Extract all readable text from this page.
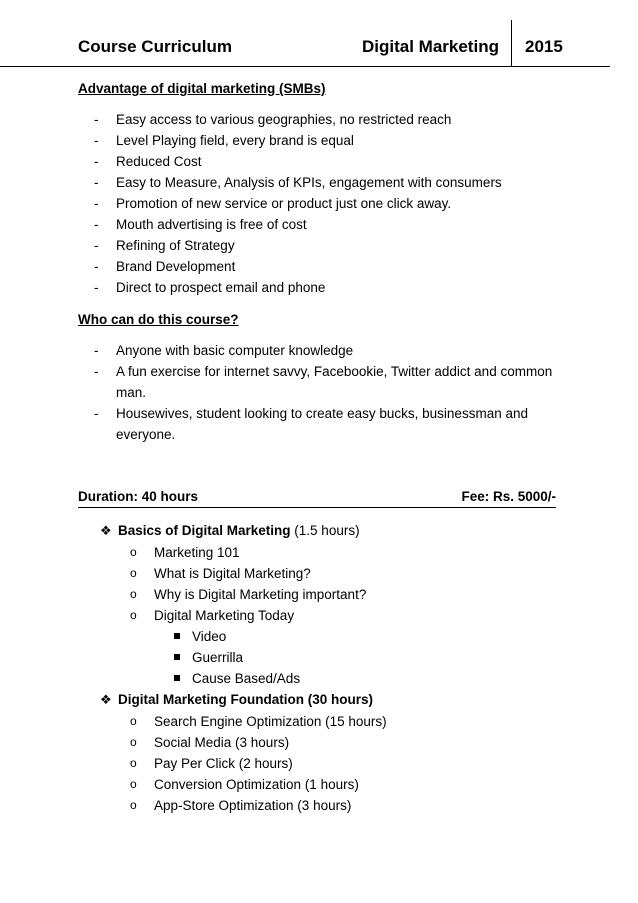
Course Curriculum	Digital Marketing 2015
Advantage of digital marketing (SMBs)
- Easy access to various geographies, no restricted reach
- Level Playing field, every brand is equal
- Reduced Cost
- Easy to Measure, Analysis of KPIs, engagement with consumers
- Promotion of new service or product just one click away.
- Mouth advertising is free of cost
- Refining of Strategy
- Brand Development
- Direct to prospect email and phone
Who can do this course?
- Anyone with basic computer knowledge
- A fun exercise for internet savvy, Facebookie, Twitter addict and common man.
- Housewives, student looking to create easy bucks, businessman and everyone.
Duration: 40 hours	Fee: Rs. 5000/-
❖ Basics of Digital Marketing (1.5 hours)
o Marketing 101
o What is Digital Marketing?
o Why is Digital Marketing important?
o Digital Marketing Today
Video
Guerrilla
Cause Based/Ads
❖ Digital Marketing Foundation (30 hours)
o Search Engine Optimization (15 hours)
o Social Media (3 hours)
o Pay Per Click (2 hours)
o Conversion Optimization (1 hours)
o App-Store Optimization (3 hours)
